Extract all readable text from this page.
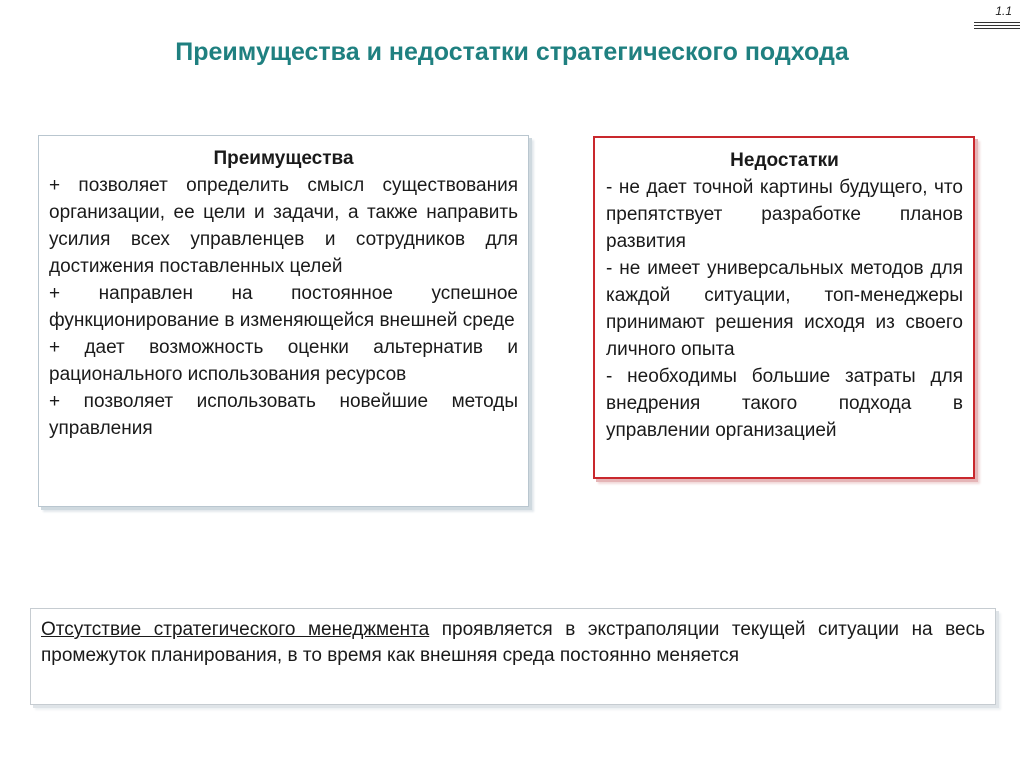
1.1
Преимущества и недостатки стратегического подхода
Преимущества
+ позволяет определить смысл существования организации, ее цели и задачи, а также направить усилия всех управленцев и сотрудников для достижения поставленных целей
+ направлен на постоянное успешное функционирование в изменяющейся внешней среде
+ дает возможность оценки альтернатив и рационального использования ресурсов
+ позволяет использовать новейшие методы управления
Недостатки
- не дает точной картины будущего, что препятствует разработке планов развития
- не имеет универсальных методов для каждой ситуации, топ-менеджеры принимают решения исходя из своего личного опыта
- необходимы большие затраты для внедрения такого подхода в управлении организацией
Отсутствие стратегического менеджмента проявляется в экстраполяции текущей ситуации на весь промежуток планирования, в то время как внешняя среда постоянно меняется
